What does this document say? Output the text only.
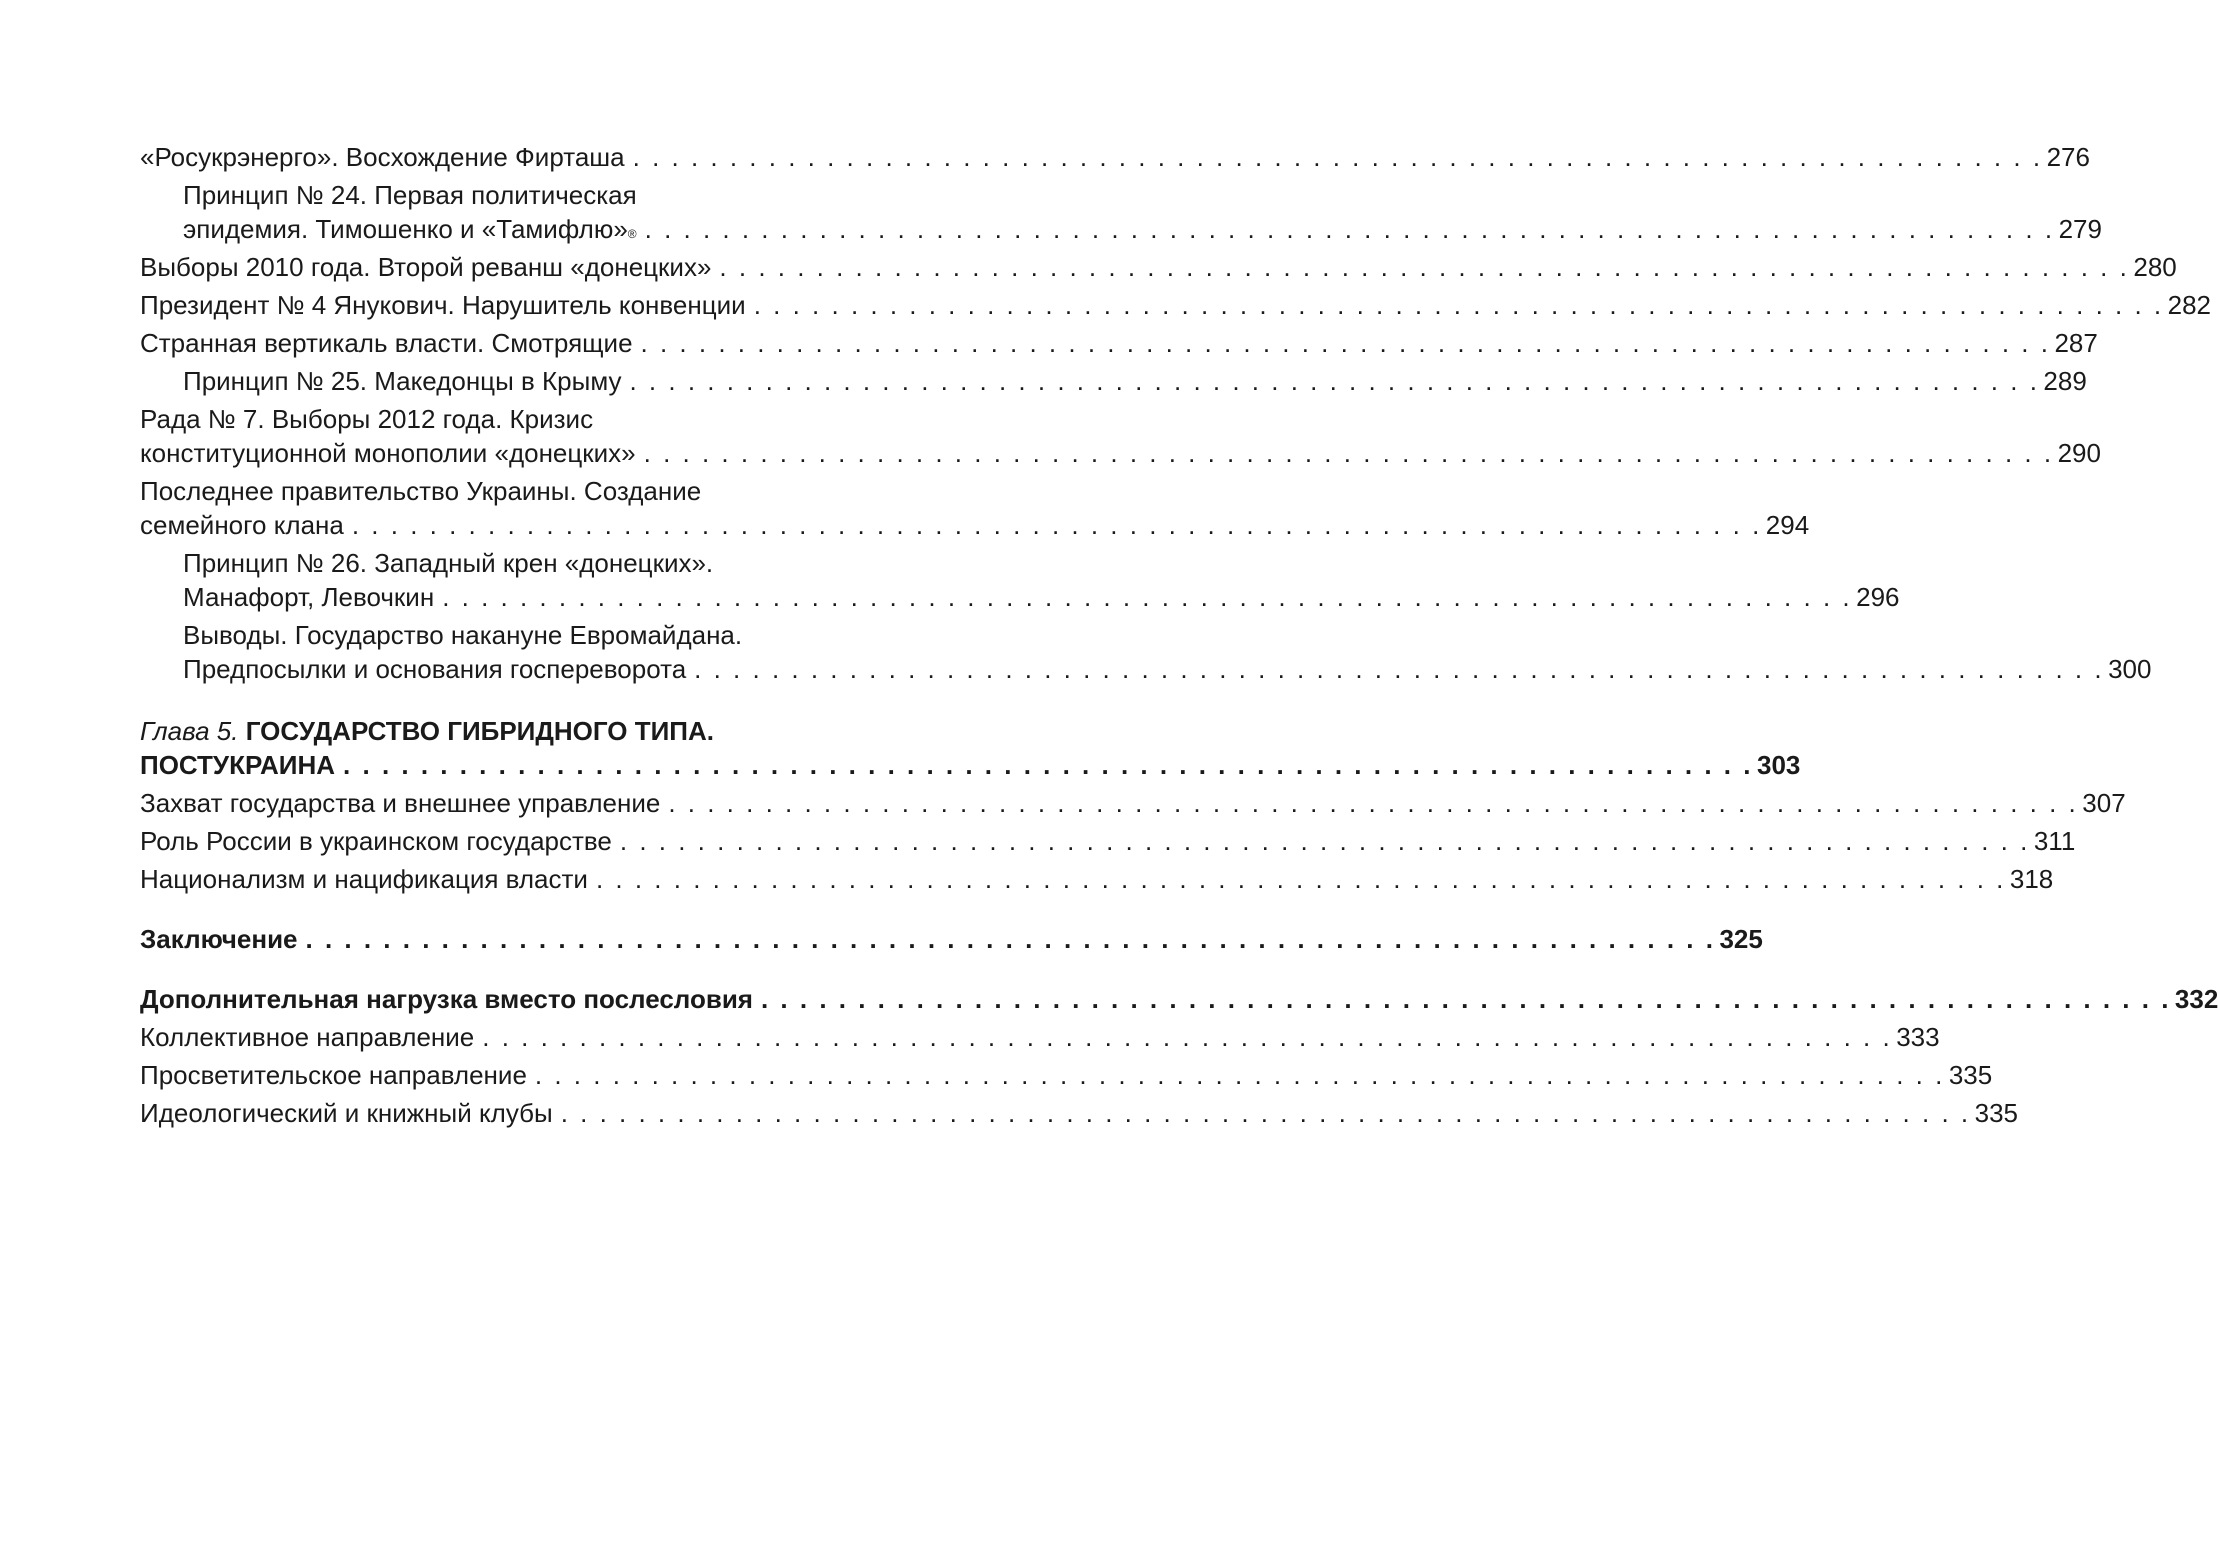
«Росукрэнерго». Восхождение Фирташа . . . . . . . . . . . . . . . . . . . . . . . . . . . . . . . . . . . . . . . . . . . . . . . . . . . . . . . . . . . . . . . . . . . . . . . . . 276
Принцип № 24. Первая политическая
эпидемия. Тимошенко и «Тамифлю» ® . . . . . . . . . . . . . . . . . . . . . . . . . . . . . . . . . . . . . . . . . . . . . . . . . . . . . . . . . . . . . . . . . . . . . . . . . 279
Выборы 2010 года. Второй реванш «донецких» . . . . . . . . . . . . . . . . . . . . . . . . . . . . . . . . . . . . . . . . . . . . . . . . . . . . . . . . . . . . . . . . . . . . . . . . . 280
Президент № 4 Янукович. Нарушитель конвенции . . . . . . . . . . . . . . . . . . . . . . . . . . . . . . . . . . . . . . . . . . . . . . . . . . . . . . . . . . . . . . . . . . . . . . . . . 282
Странная вертикаль власти. Смотрящие . . . . . . . . . . . . . . . . . . . . . . . . . . . . . . . . . . . . . . . . . . . . . . . . . . . . . . . . . . . . . . . . . . . . . . . . . 287
Принцип № 25. Македонцы в Крыму . . . . . . . . . . . . . . . . . . . . . . . . . . . . . . . . . . . . . . . . . . . . . . . . . . . . . . . . . . . . . . . . . . . . . . . . . 289
Рада № 7. Выборы 2012 года. Кризис
конституционной монополии «донецких» . . . . . . . . . . . . . . . . . . . . . . . . . . . . . . . . . . . . . . . . . . . . . . . . . . . . . . . . . . . . . . . . . . . . . . . . . 290
Последнее правительство Украины. Создание
семейного клана . . . . . . . . . . . . . . . . . . . . . . . . . . . . . . . . . . . . . . . . . . . . . . . . . . . . . . . . . . . . . . . . . . . . . . . . . 294
Принцип № 26. Западный крен «донецких».
Манафорт, Левочкин . . . . . . . . . . . . . . . . . . . . . . . . . . . . . . . . . . . . . . . . . . . . . . . . . . . . . . . . . . . . . . . . . . . . . . . . . 296
Выводы. Государство накануне Евромайдана.
Предпосылки и основания госпереворота . . . . . . . . . . . . . . . . . . . . . . . . . . . . . . . . . . . . . . . . . . . . . . . . . . . . . . . . . . . . . . . . . . . . . . . . . 300
Глава 5.
ГОСУДАРСТВО ГИБРИДНОГО ТИПА.
ПОСТУКРАИНА . . . . . . . . . . . . . . . . . . . . . . . . . . . . . . . . . . . . . . . . . . . . . . . . . . . . . . . . . . . . . . . . . . . . . . . . . 303
Захват государства и внешнее управление . . . . . . . . . . . . . . . . . . . . . . . . . . . . . . . . . . . . . . . . . . . . . . . . . . . . . . . . . . . . . . . . . . . . . . . . . 307
Роль России в украинском государстве . . . . . . . . . . . . . . . . . . . . . . . . . . . . . . . . . . . . . . . . . . . . . . . . . . . . . . . . . . . . . . . . . . . . . . . . . 311
Национализм и нацификация власти . . . . . . . . . . . . . . . . . . . . . . . . . . . . . . . . . . . . . . . . . . . . . . . . . . . . . . . . . . . . . . . . . . . . . . . . . 318
Заключение . . . . . . . . . . . . . . . . . . . . . . . . . . . . . . . . . . . . . . . . . . . . . . . . . . . . . . . . . . . . . . . . . . . . . . . . . 325
Дополнительная нагрузка вместо послесловия . . . . . . . . . . . . . . . . . . . . . . . . . . . . . . . . . . . . . . . . . . . . . . . . . . . . . . . . . . . . . . . . . . . . . . . . . 332
Коллективное направление . . . . . . . . . . . . . . . . . . . . . . . . . . . . . . . . . . . . . . . . . . . . . . . . . . . . . . . . . . . . . . . . . . . . . . . . . 333
Просветительское направление . . . . . . . . . . . . . . . . . . . . . . . . . . . . . . . . . . . . . . . . . . . . . . . . . . . . . . . . . . . . . . . . . . . . . . . . . 335
Идеологический и книжный клубы . . . . . . . . . . . . . . . . . . . . . . . . . . . . . . . . . . . . . . . . . . . . . . . . . . . . . . . . . . . . . . . . . . . . . . . . . 335
